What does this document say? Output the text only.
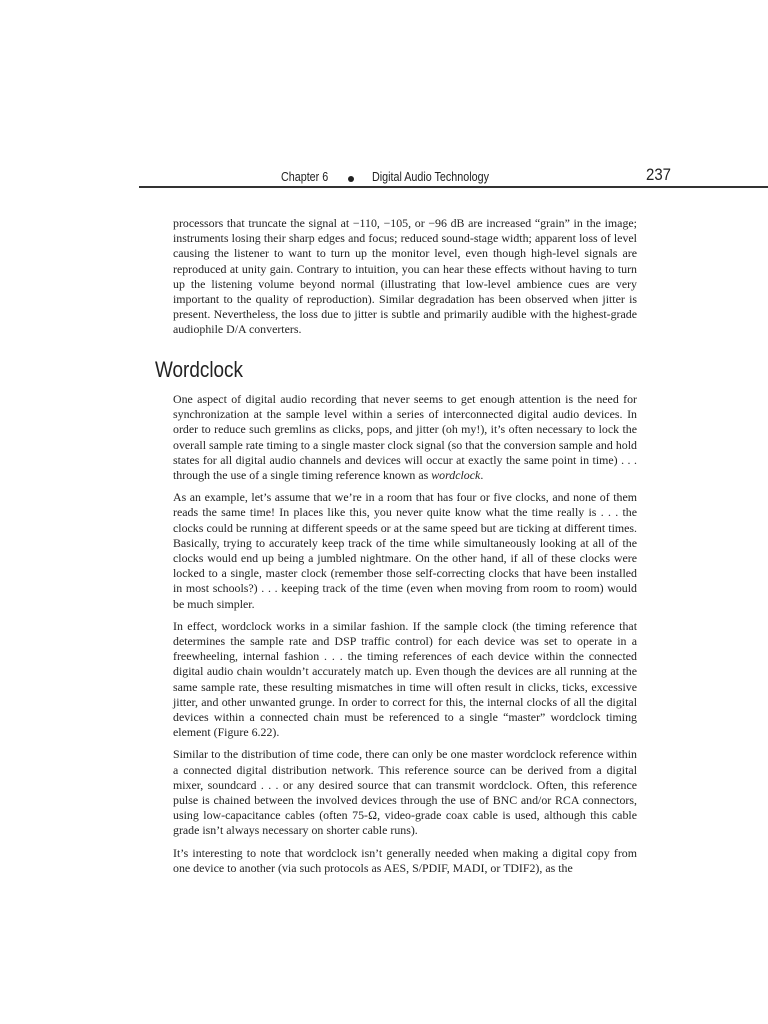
Chapter 6	Digital Audio Technology	237

processors that truncate the signal at −110, −105, or −96 dB are increased “grain” in the image; instruments losing their sharp edges and focus; reduced sound-stage width; apparent loss of level causing the listener to want to turn up the monitor level, even though high-level signals are reproduced at unity gain. Contrary to intuition, you can hear these effects without having to turn up the listening volume beyond normal (illustrating that low-level ambience cues are very important to the quality of reproduction). Similar degradation has been observed when jitter is present. Nevertheless, the loss due to jitter is subtle and primarily audible with the highest-grade audiophile D/A converters.

Wordclock

One aspect of digital audio recording that never seems to get enough attention is the need for synchronization at the sample level within a series of interconnected digital audio devices. In order to reduce such gremlins as clicks, pops, and jitter (oh my!), it’s often necessary to lock the overall sample rate timing to a single master clock signal (so that the conversion sample and hold states for all digital audio channels and devices will occur at exactly the same point in time) . . . through the use of a single timing reference known as wordclock.

As an example, let’s assume that we’re in a room that has four or five clocks, and none of them reads the same time! In places like this, you never quite know what the time really is . . . the clocks could be running at different speeds or at the same speed but are ticking at different times. Basically, trying to accurately keep track of the time while simultaneously looking at all of the clocks would end up being a jumbled nightmare. On the other hand, if all of these clocks were locked to a single, master clock (remember those self-correcting clocks that have been installed in most schools?) . . . keeping track of the time (even when moving from room to room) would be much simpler.

In effect, wordclock works in a similar fashion. If the sample clock (the timing reference that determines the sample rate and DSP traffic control) for each device was set to operate in a freewheeling, internal fashion . . . the timing references of each device within the connected digital audio chain wouldn’t accurately match up. Even though the devices are all running at the same sample rate, these resulting mismatches in time will often result in clicks, ticks, excessive jitter, and other unwanted grunge. In order to correct for this, the internal clocks of all the digital devices within a connected chain must be referenced to a single “master” wordclock timing element (Figure 6.22).

Similar to the distribution of time code, there can only be one master wordclock reference within a connected digital distribution network. This reference source can be derived from a digital mixer, soundcard . . . or any desired source that can transmit wordclock. Often, this reference pulse is chained between the involved devices through the use of BNC and/or RCA connectors, using low-capacitance cables (often 75-Ω, video-grade coax cable is used, although this cable grade isn’t always necessary on shorter cable runs).

It’s interesting to note that wordclock isn’t generally needed when making a digital copy from one device to another (via such protocols as AES, S/PDIF, MADI, or TDIF2), as the
